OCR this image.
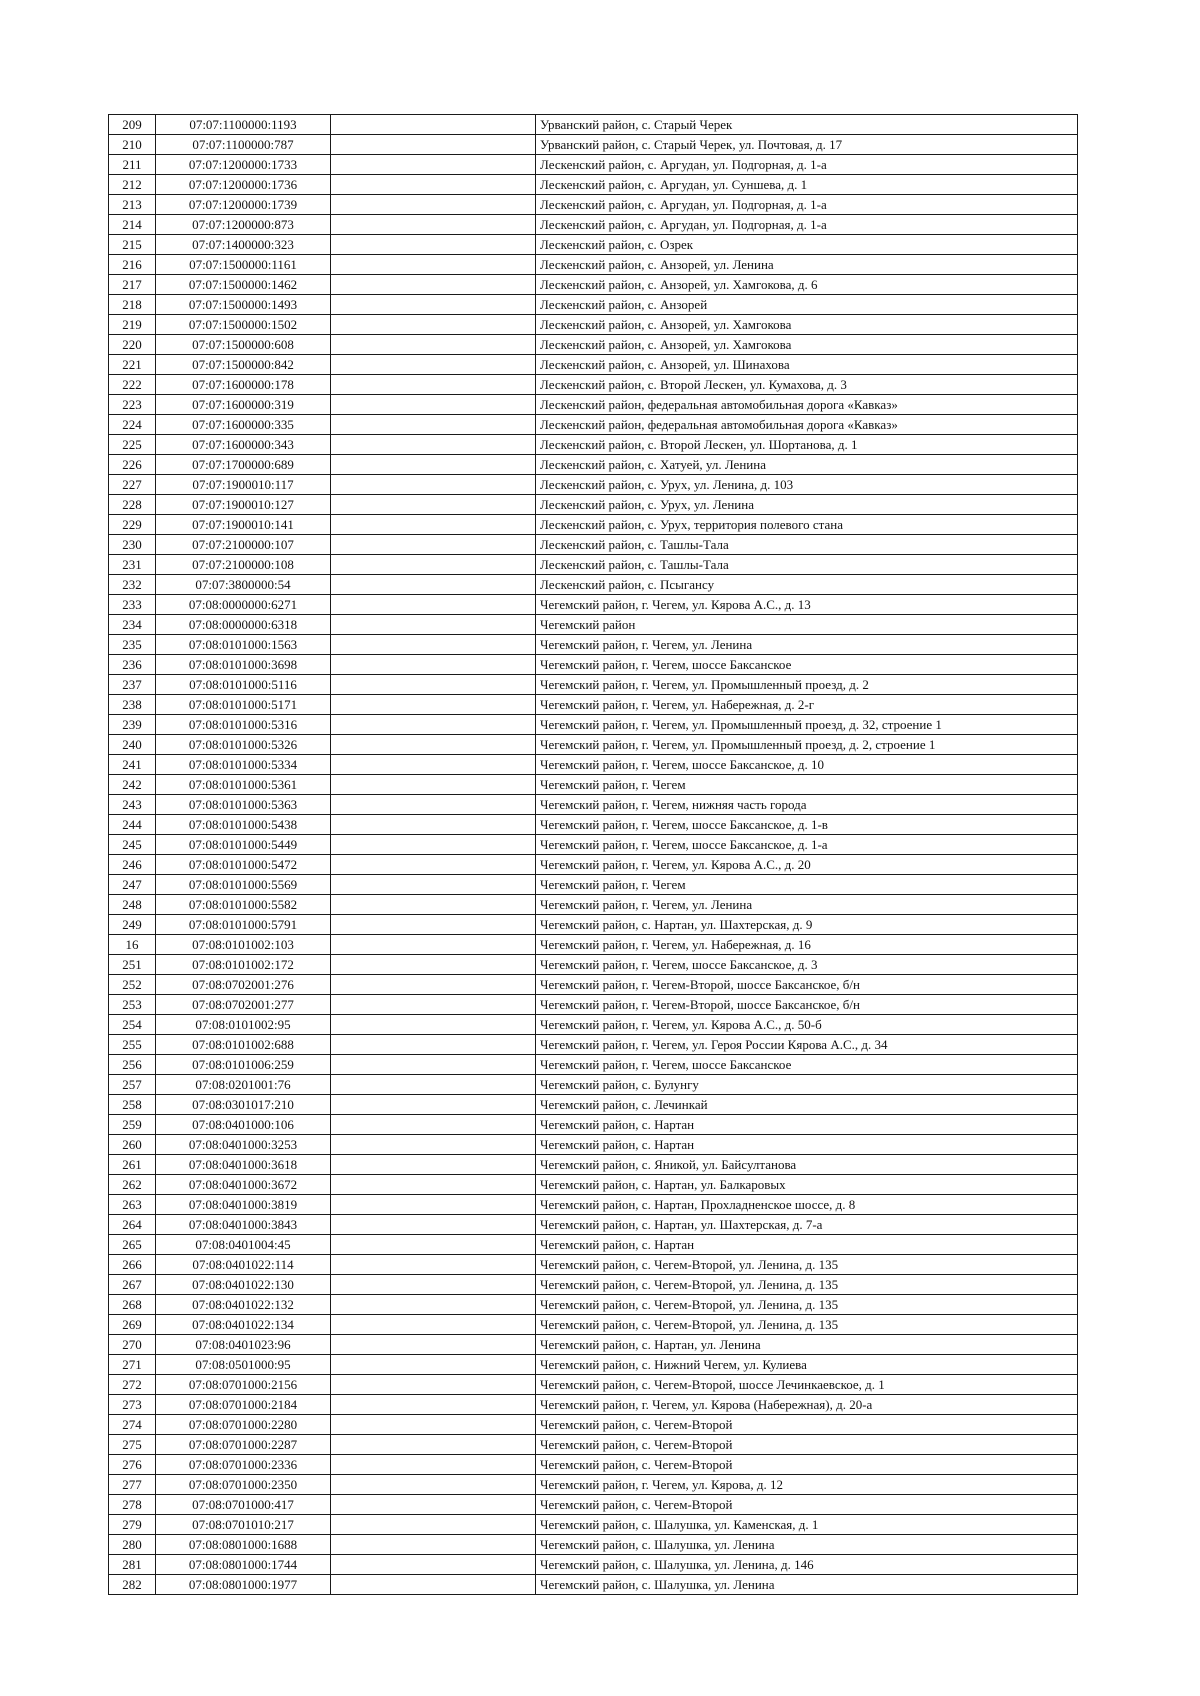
209	07:07:1100000:1193		Урванский район, с. Старый Черек
210	07:07:1100000:787		Урванский район, с. Старый Черек, ул. Почтовая, д. 17
211	07:07:1200000:1733		Лескенский район, с. Аргудан, ул. Подгорная, д. 1-а
212	07:07:1200000:1736		Лескенский район, с. Аргудан, ул. Суншева, д. 1
213	07:07:1200000:1739		Лескенский район, с. Аргудан, ул. Подгорная, д. 1-а
214	07:07:1200000:873		Лескенский район, с. Аргудан, ул. Подгорная, д. 1-а
215	07:07:1400000:323		Лескенский район, с. Озрек
216	07:07:1500000:1161		Лескенский район, с. Анзорей, ул. Ленина
217	07:07:1500000:1462		Лескенский район, с. Анзорей, ул. Хамгокова, д. 6
218	07:07:1500000:1493		Лескенский район, с. Анзорей
219	07:07:1500000:1502		Лескенский район, с. Анзорей, ул. Хамгокова
220	07:07:1500000:608		Лескенский район, с. Анзорей, ул. Хамгокова
221	07:07:1500000:842		Лескенский район, с. Анзорей, ул. Шинахова
222	07:07:1600000:178		Лескенский район, с. Второй Лескен, ул. Кумахова, д. 3
223	07:07:1600000:319		Лескенский район, федеральная автомобильная дорога «Кавказ»
224	07:07:1600000:335		Лескенский район, федеральная автомобильная дорога «Кавказ»
225	07:07:1600000:343		Лескенский район, с. Второй Лескен, ул. Шортанова, д. 1
226	07:07:1700000:689		Лескенский район, с. Хатуей, ул. Ленина
227	07:07:1900010:117		Лескенский район, с. Урух, ул. Ленина, д. 103
228	07:07:1900010:127		Лескенский район, с. Урух, ул. Ленина
229	07:07:1900010:141		Лескенский район, с. Урух, территория полевого стана
230	07:07:2100000:107		Лескенский район, с. Ташлы-Тала
231	07:07:2100000:108		Лескенский район, с. Ташлы-Тала
232	07:07:3800000:54		Лескенский район, с. Псыгансу
233	07:08:0000000:6271		Чегемский район, г. Чегем, ул. Кярова А.С., д. 13
234	07:08:0000000:6318		Чегемский район
235	07:08:0101000:1563		Чегемский район, г. Чегем, ул. Ленина
236	07:08:0101000:3698		Чегемский район, г. Чегем, шоссе Баксанское
237	07:08:0101000:5116		Чегемский район, г. Чегем, ул. Промышленный проезд, д. 2
238	07:08:0101000:5171		Чегемский район, г. Чегем, ул. Набережная, д. 2-г
239	07:08:0101000:5316		Чегемский район, г. Чегем, ул. Промышленный проезд, д. 32, строение 1
240	07:08:0101000:5326		Чегемский район, г. Чегем, ул. Промышленный проезд, д. 2, строение 1
241	07:08:0101000:5334		Чегемский район, г. Чегем, шоссе Баксанское, д. 10
242	07:08:0101000:5361		Чегемский район, г. Чегем
243	07:08:0101000:5363		Чегемский район, г. Чегем, нижняя часть города
244	07:08:0101000:5438		Чегемский район, г. Чегем, шоссе Баксанское, д. 1-в
245	07:08:0101000:5449		Чегемский район, г. Чегем, шоссе Баксанское, д. 1-а
246	07:08:0101000:5472		Чегемский район, г. Чегем, ул. Кярова А.С., д. 20
247	07:08:0101000:5569		Чегемский район, г. Чегем
248	07:08:0101000:5582		Чегемский район, г. Чегем, ул. Ленина
249	07:08:0101000:5791		Чегемский район, с. Нартан, ул. Шахтерская, д. 9
16	07:08:0101002:103		Чегемский район, г. Чегем, ул. Набережная, д. 16
251	07:08:0101002:172		Чегемский район, г. Чегем, шоссе Баксанское, д. 3
252	07:08:0702001:276		Чегемский район, г. Чегем-Второй, шоссе Баксанское, б/н
253	07:08:0702001:277		Чегемский район, г. Чегем-Второй, шоссе Баксанское, б/н
254	07:08:0101002:95		Чегемский район, г. Чегем, ул. Кярова А.С., д. 50-б
255	07:08:0101002:688		Чегемский район, г. Чегем, ул. Героя России Кярова А.С., д. 34
256	07:08:0101006:259		Чегемский район, г. Чегем, шоссе Баксанское
257	07:08:0201001:76		Чегемский район, с. Булунгу
258	07:08:0301017:210		Чегемский район, с. Лечинкай
259	07:08:0401000:106		Чегемский район, с. Нартан
260	07:08:0401000:3253		Чегемский район, с. Нартан
261	07:08:0401000:3618		Чегемский район, с. Яникой, ул. Байсултанова
262	07:08:0401000:3672		Чегемский район, с. Нартан, ул. Балкаровых
263	07:08:0401000:3819		Чегемский район, с. Нартан, Прохладненское шоссе, д. 8
264	07:08:0401000:3843		Чегемский район, с. Нартан, ул. Шахтерская, д. 7-а
265	07:08:0401004:45		Чегемский район, с. Нартан
266	07:08:0401022:114		Чегемский район, с. Чегем-Второй, ул. Ленина, д. 135
267	07:08:0401022:130		Чегемский район, с. Чегем-Второй, ул. Ленина, д. 135
268	07:08:0401022:132		Чегемский район, с. Чегем-Второй, ул. Ленина, д. 135
269	07:08:0401022:134		Чегемский район, с. Чегем-Второй, ул. Ленина, д. 135
270	07:08:0401023:96		Чегемский район, с. Нартан, ул. Ленина
271	07:08:0501000:95		Чегемский район, с. Нижний Чегем, ул. Кулиева
272	07:08:0701000:2156		Чегемский район, с. Чегем-Второй, шоссе Лечинкаевское, д. 1
273	07:08:0701000:2184		Чегемский район, г. Чегем, ул. Кярова (Набережная), д. 20-а
274	07:08:0701000:2280		Чегемский район, с. Чегем-Второй
275	07:08:0701000:2287		Чегемский район, с. Чегем-Второй
276	07:08:0701000:2336		Чегемский район, с. Чегем-Второй
277	07:08:0701000:2350		Чегемский район, г. Чегем, ул. Кярова, д. 12
278	07:08:0701000:417		Чегемский район, с. Чегем-Второй
279	07:08:0701010:217		Чегемский район, с. Шалушка, ул. Каменская, д. 1
280	07:08:0801000:1688		Чегемский район, с. Шалушка, ул. Ленина
281	07:08:0801000:1744		Чегемский район, с. Шалушка, ул. Ленина, д. 146
282	07:08:0801000:1977		Чегемский район, с. Шалушка, ул. Ленина
